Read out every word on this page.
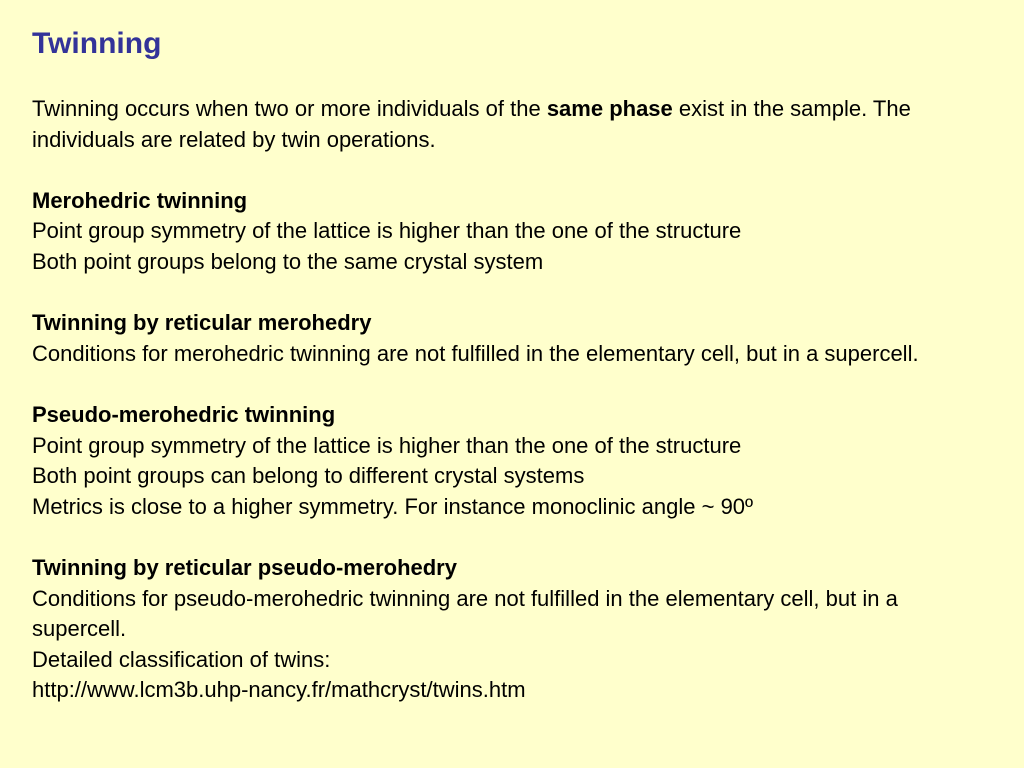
Twinning

Twinning occurs when two or more individuals of the same phase exist in the sample. The individuals are related by twin operations.

Merohedric twinning
Point group symmetry of the lattice is higher than the one of the structure
Both point groups belong to the same crystal system
Twinning by reticular merohedry
Conditions for merohedric twinning are not fulfilled in the elementary cell, but in a supercell.
Pseudo-merohedric twinning
Point group symmetry of the lattice is higher than the one of the structure
Both point groups can belong to different crystal systems
Metrics is close to a higher symmetry. For instance monoclinic angle ~ 90º
Twinning by reticular pseudo-merohedry
Conditions for pseudo-merohedric twinning are not fulfilled in the elementary cell, but in a supercell.
Detailed classification of twins:
http://www.lcm3b.uhp-nancy.fr/mathcryst/twins.htm
